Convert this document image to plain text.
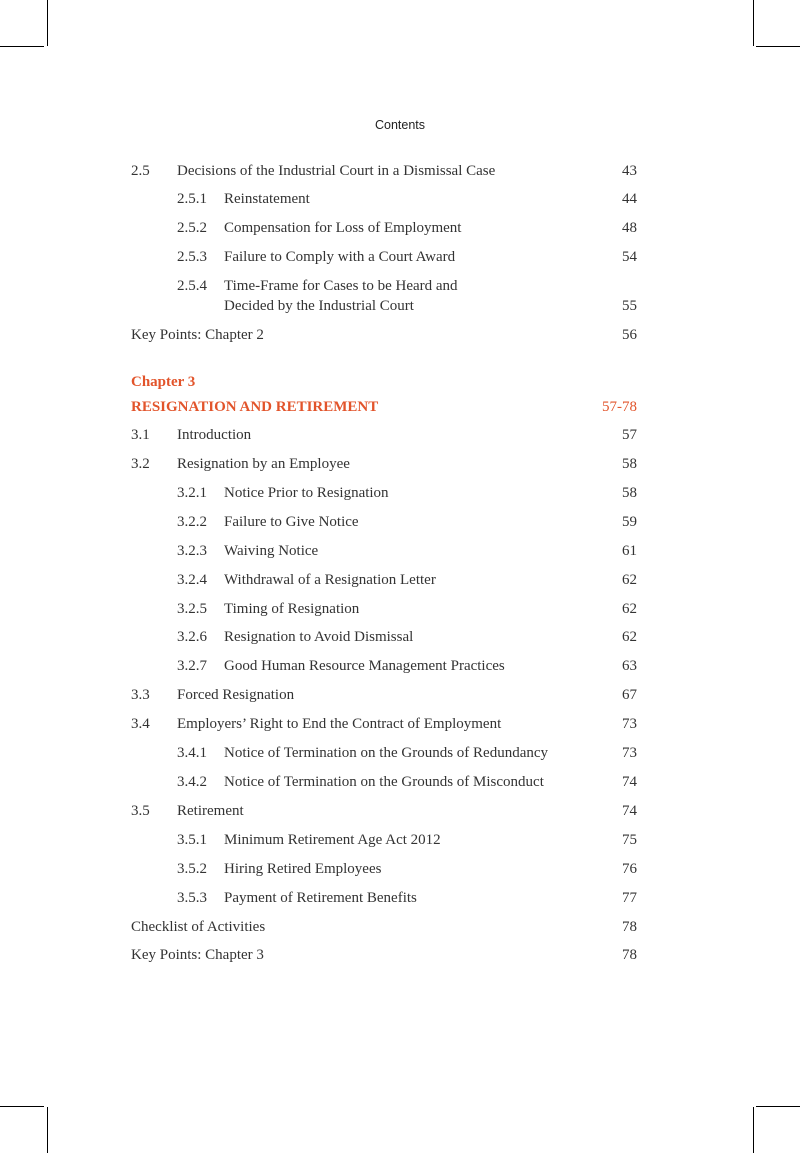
Contents
2.5 Decisions of the Industrial Court in a Dismissal Case	43
2.5.1 Reinstatement	44
2.5.2 Compensation for Loss of Employment	48
2.5.3 Failure to Comply with a Court Award	54
2.5.4 Time-Frame for Cases to be Heard and
Decided by the Industrial Court	55
Key Points: Chapter 2	56
Chapter 3
RESIGNATION AND RETIREMENT	57-78
3.1 Introduction	57
3.2 Resignation by an Employee	58
3.2.1 Notice Prior to Resignation	58
3.2.2 Failure to Give Notice	59
3.2.3 Waiving Notice	61
3.2.4 Withdrawal of a Resignation Letter	62
3.2.5 Timing of Resignation	62
3.2.6 Resignation to Avoid Dismissal	62
3.2.7 Good Human Resource Management Practices	63
3.3 Forced Resignation	67
3.4 Employers’ Right to End the Contract of Employment	73
3.4.1 Notice of Termination on the Grounds of Redundancy	73
3.4.2 Notice of Termination on the Grounds of Misconduct	74
3.5 Retirement	74
3.5.1 Minimum Retirement Age Act 2012	75
3.5.2 Hiring Retired Employees	76
3.5.3 Payment of Retirement Benefits	77
Checklist of Activities	78
Key Points: Chapter 3	78
